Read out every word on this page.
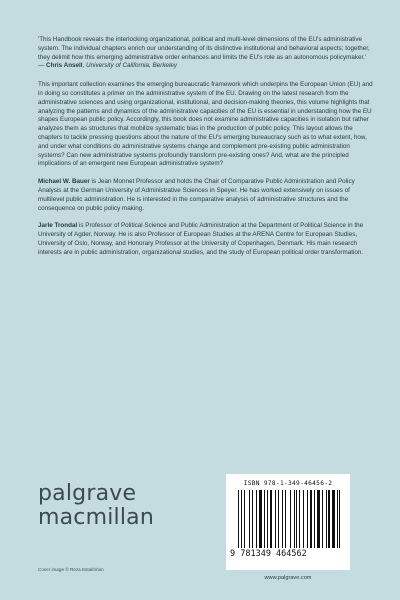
'This Handbook reveals the interlocking organizational, political and multi-level dimensions of the EU's administrative system. The individual chapters enrich our understanding of its distinctive institutional and behavioral aspects; together, they delimit how this emerging administrative order enhances and limits the EU's role as an autonomous policymaker.'

— Chris Ansell, University of California, Berkeley

This important collection examines the emerging bureaucratic framework which underpins the European Union (EU) and in doing so constitutes a primer on the administrative system of the EU. Drawing on the latest research from the administrative sciences and using organizational, institutional, and decision-making theories, this volume highlights that analyzing the patterns and dynamics of the administrative capacities of the EU is essential in understanding how the EU shapes European public policy. Accordingly, this book does not examine administrative capacities in isolation but rather analyzes them as structures that mobilize systematic bias in the production of public policy. This layout allows the chapters to tackle pressing questions about the nature of the EU's emerging bureaucracy such as to what extent, how, and under what conditions do administrative systems change and complement pre-existing public administration systems? Can new administrative systems profoundly transform pre-existing ones? And, what are the principled implications of an emergent new European administrative system?

Michael W. Bauer is Jean Monnet Professor and holds the Chair of Comparative Public Administration and Policy Analysis at the German University of Administrative Sciences in Speyer. He has worked extensively on issues of multilevel public administration. He is interested in the comparative analysis of administrative structures and the consequence on public policy making.

Jarle Trondal is Professor of Political Science and Public Administration at the Department of Political Science in the University of Agder, Norway. He is also Professor of European Studies at the ARENA Centre for European Studies, University of Oslo, Norway, and Honorary Professor at the University of Copenhagen, Denmark. His main research interests are in public administration, organizational studies, and the study of European political order transformation.

palgrave
macmillan
Cover image © Reza Estakhrian
ISBN 978-1-349-46456-2
9 781349 464562
www.palgrave.com
